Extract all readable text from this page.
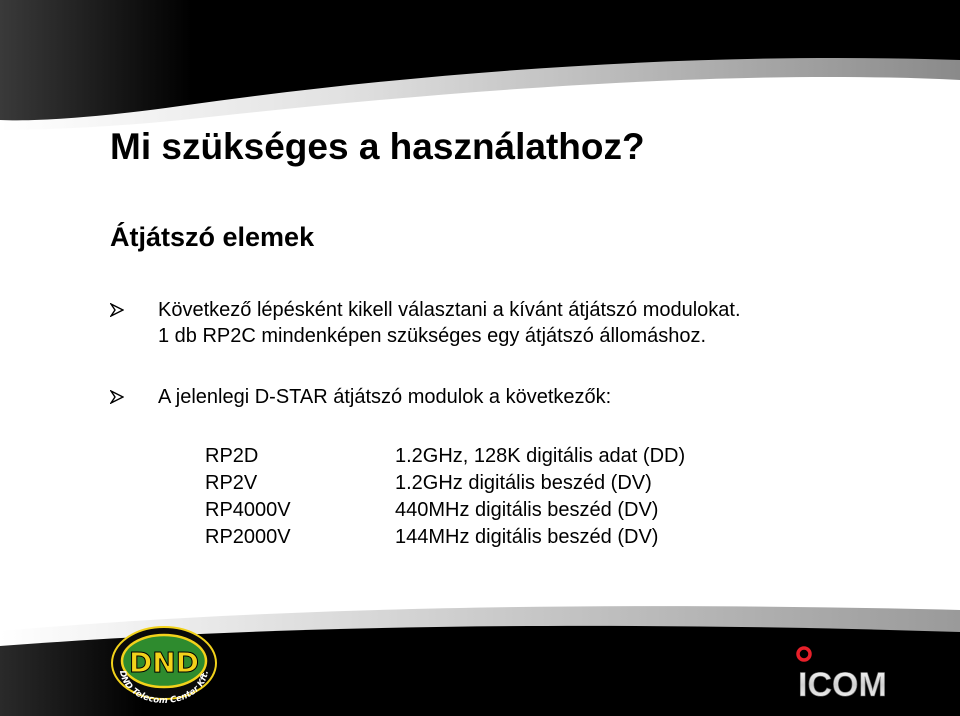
Mi szükséges a használathoz?
Átjátszó elemek
Következő lépésként kikell választani a kívánt átjátszó modulokat.
1 db RP2C mindenképen szükséges egy átjátszó állomáshoz.
A jelenlegi D-STAR átjátszó modulok a következők:
RP2D	1.2GHz, 128K digitális adat (DD)
RP2V	1.2GHz digitális beszéd (DV)
RP4000V	440MHz digitális beszéd (DV)
RP2000V	144MHz digitális beszéd (DV)
DND
DND Telecom Center Kft.	ICOM
